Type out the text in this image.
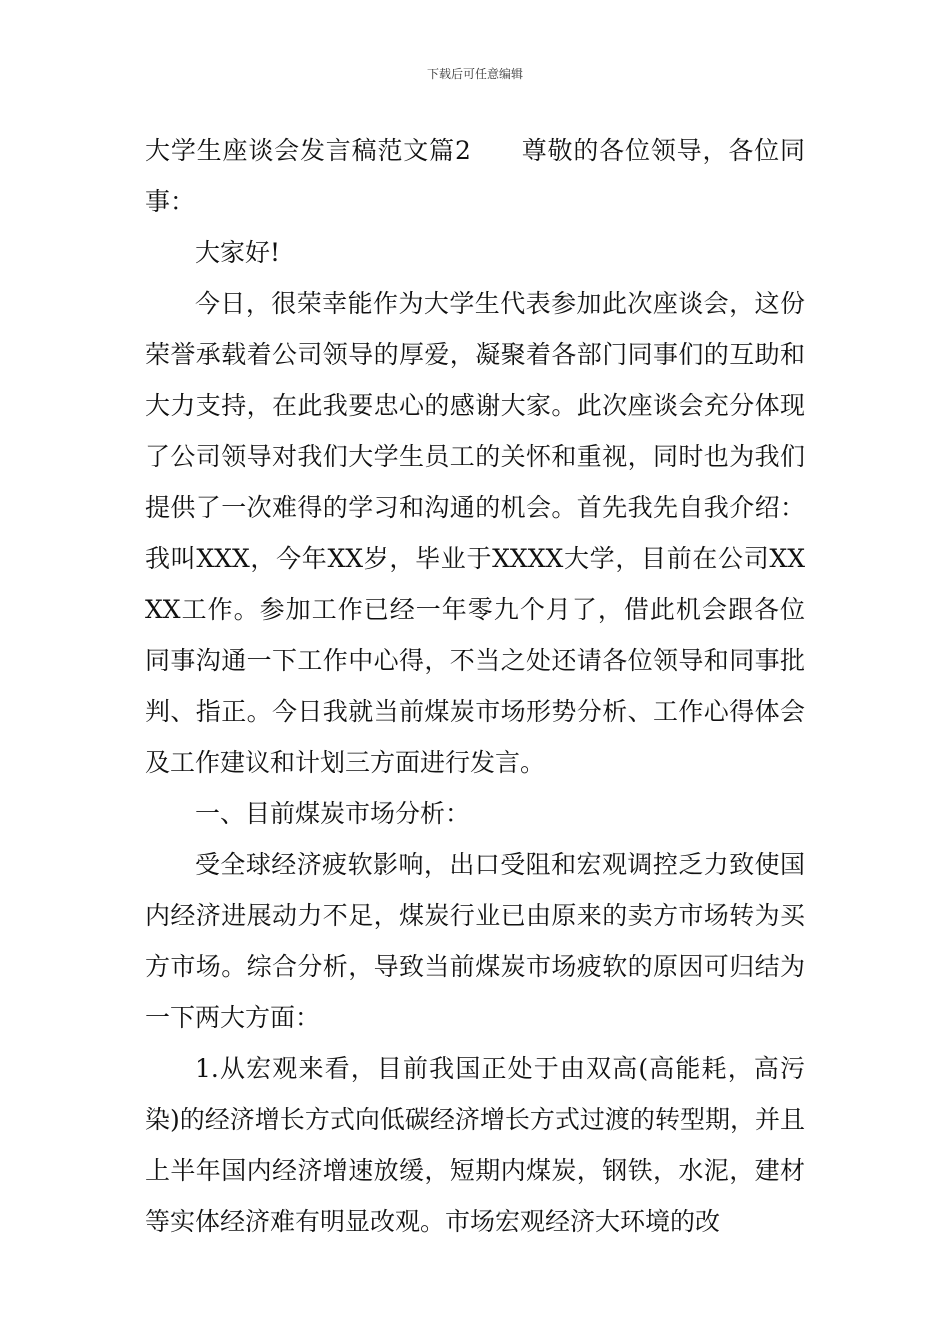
下载后可任意编辑

大学生座谈会发言稿范文篇2 尊敬的各位领导，各位同事：

大家好!

今日，很荣幸能作为大学生代表参加此次座谈会，这份荣誉承载着公司领导的厚爱，凝聚着各部门同事们的互助和大力支持，在此我要忠心的感谢大家。此次座谈会充分体现了公司领导对我们大学生员工的关怀和重视，同时也为我们提供了一次难得的学习和沟通的机会。首先我先自我介绍：我叫XXX，今年XX岁，毕业于XXXX大学，目前在公司XXXX工作。参加工作已经一年零九个月了，借此机会跟各位同事沟通一下工作中心得，不当之处还请各位领导和同事批判、指正。今日我就当前煤炭市场形势分析、工作心得体会及工作建议和计划三方面进行发言。

一、目前煤炭市场分析：

受全球经济疲软影响，出口受阻和宏观调控乏力致使国内经济进展动力不足，煤炭行业已由原来的卖方市场转为买方市场。综合分析，导致当前煤炭市场疲软的原因可归结为一下两大方面：

1.从宏观来看，目前我国正处于由双高(高能耗，高污染)的经济增长方式向低碳经济增长方式过渡的转型期，并且上半年国内经济增速放缓，短期内煤炭，钢铁，水泥，建材等实体经济难有明显改观。市场宏观经济大环境的改
